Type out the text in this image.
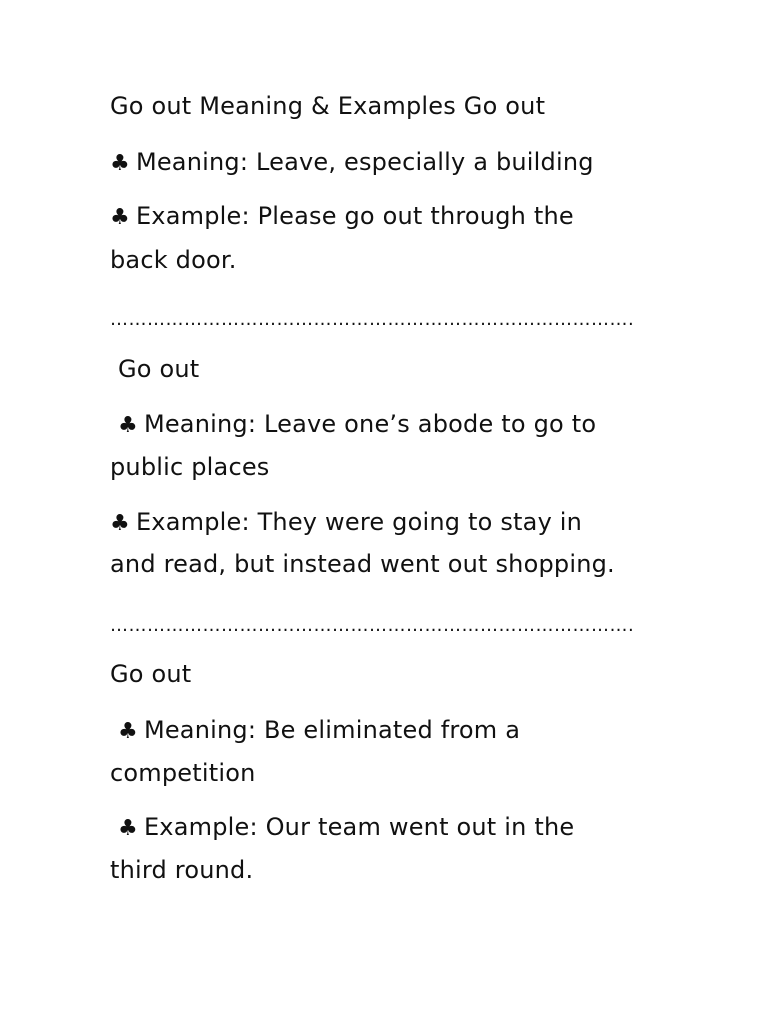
Go out Meaning & Examples Go out
♣ Meaning: Leave, especially a building
♣ Example: Please go out through the
back door.
………………………………………………………………………….
Go out
♣ Meaning: Leave one’s abode to go to
public places
♣ Example: They were going to stay in
and read, but instead went out shopping.
………………………………………………………………………….
Go out
♣ Meaning: Be eliminated from a
competition
♣ Example: Our team went out in the
third round.
